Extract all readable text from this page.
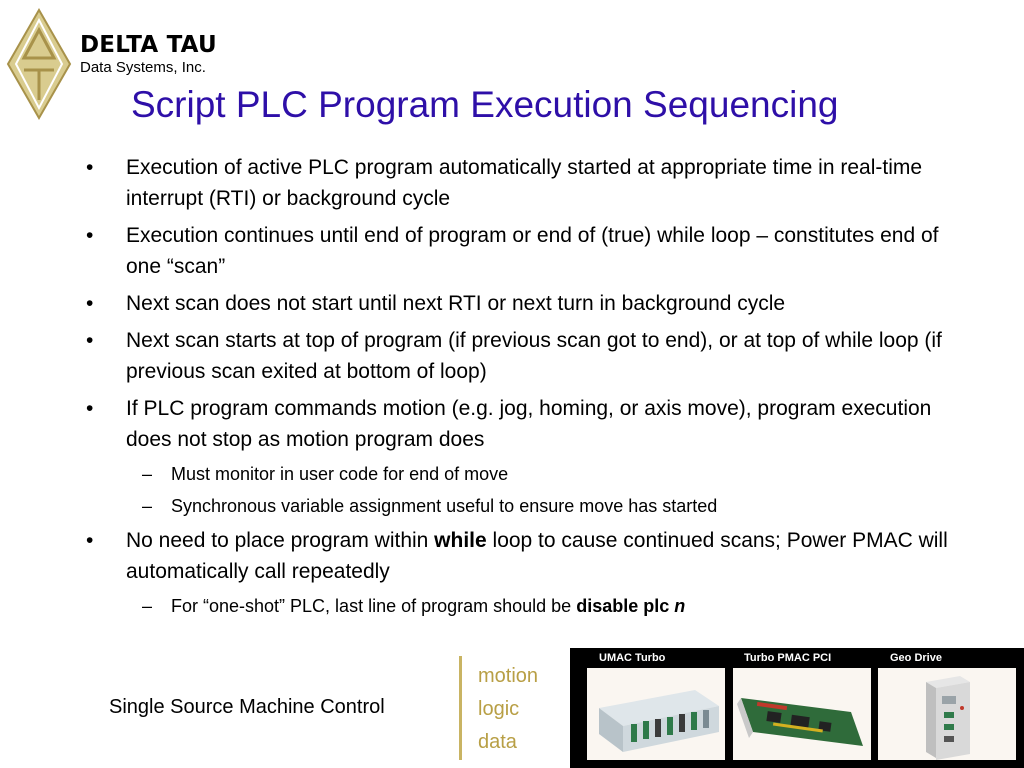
DELTA TAU
Data Systems, Inc.
Script PLC Program Execution Sequencing
• Execution of active PLC program automatically started at appropriate time in real-time interrupt (RTI) or background cycle
• Execution continues until end of program or end of (true) while loop – constitutes end of one “scan”
• Next scan does not start until next RTI or next turn in background cycle
• Next scan starts at top of program (if previous scan got to end), or at top of while loop (if previous scan exited at bottom of loop)
• If PLC program commands motion (e.g. jog, homing, or axis move), program execution does not stop as motion program does
– Must monitor in user code for end of move
– Synchronous variable assignment useful to ensure move has started
• No need to place program within while loop to cause continued scans; Power PMAC will automatically call repeatedly
– For “one-shot” PLC, last line of program should be disable plc n
Single Source Machine Control
motion
logic
data
UMAC Turbo	Turbo PMAC PCI	Geo Drive
